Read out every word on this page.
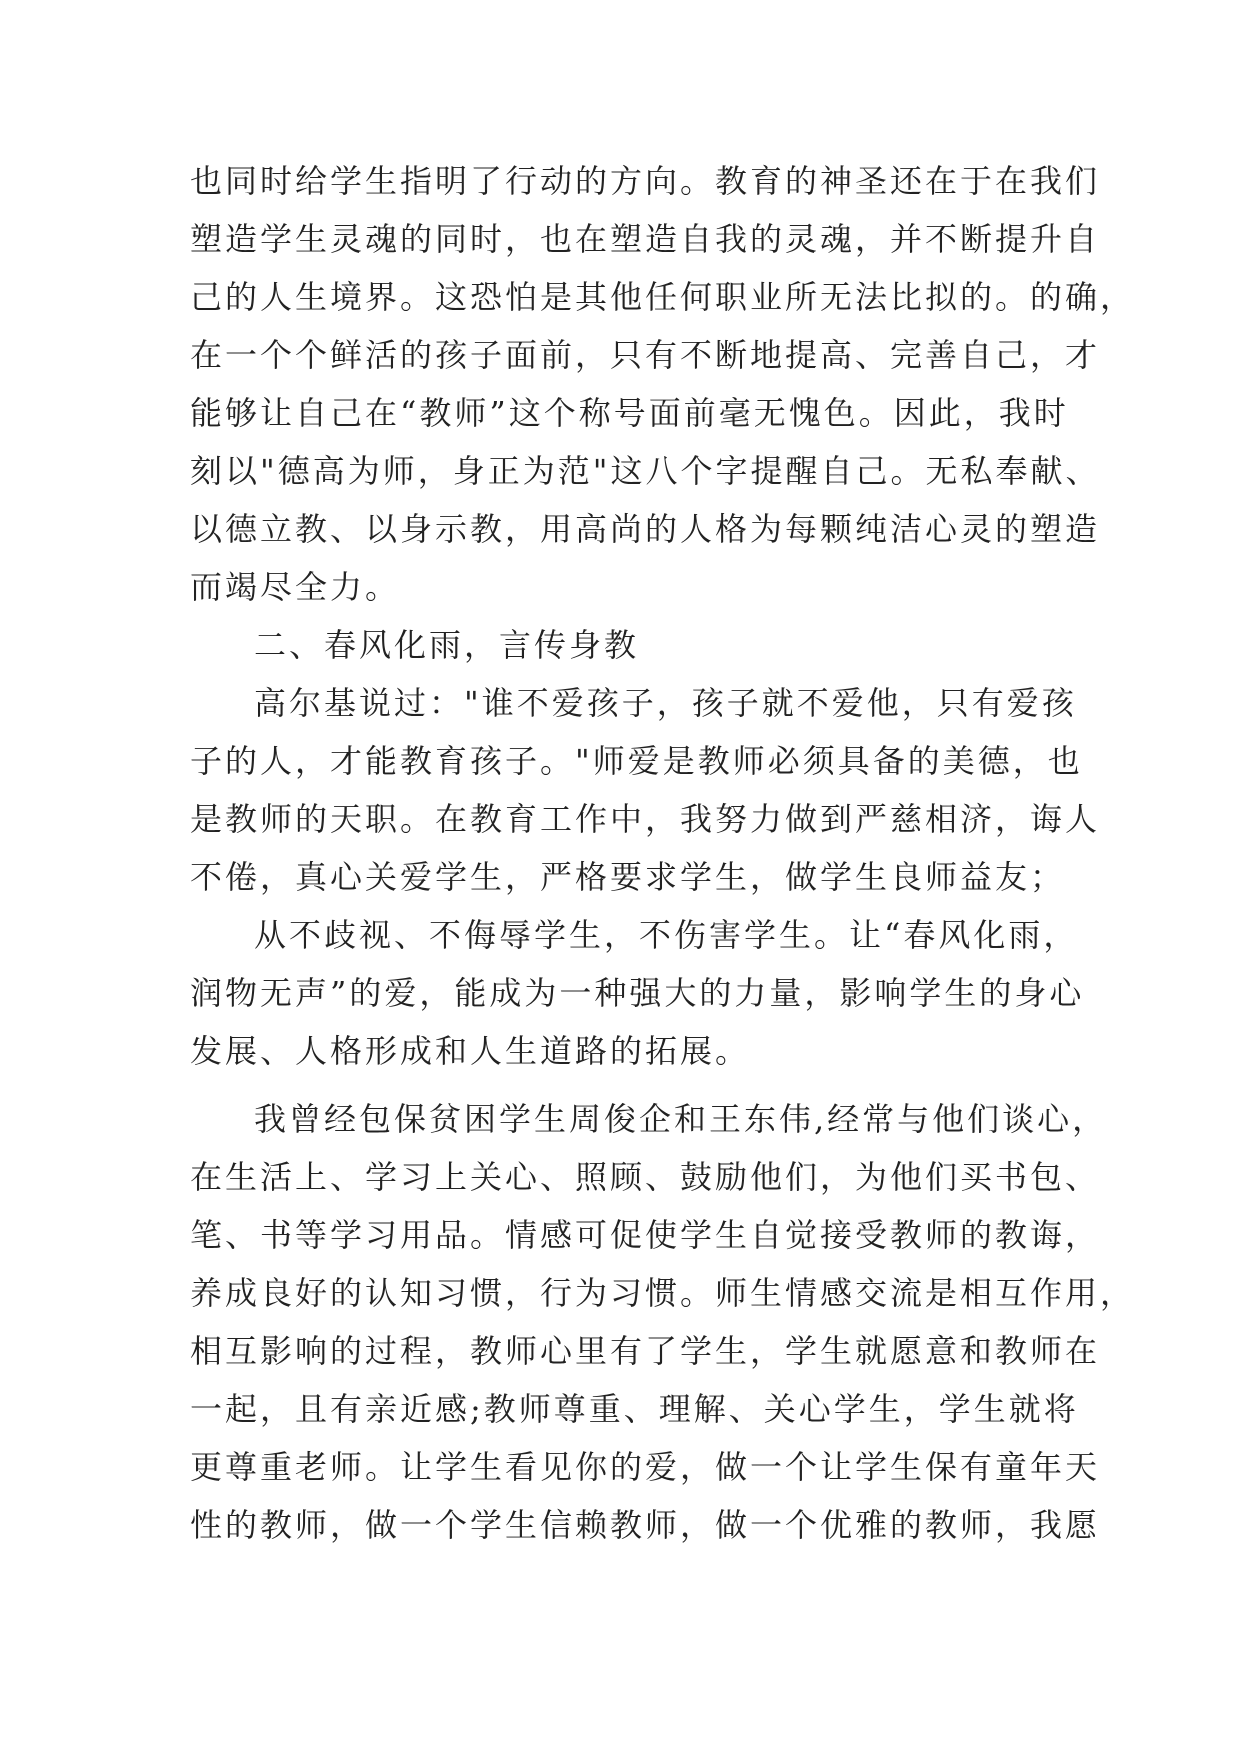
也同时给学生指明了行动的方向。教育的神圣还在于在我们
塑造学生灵魂的同时，也在塑造自我的灵魂，并不断提升自
己的人生境界。这恐怕是其他任何职业所无法比拟的。的确，
在一个个鲜活的孩子面前，只有不断地提高、完善自己，才
能够让自己在“教师”这个称号面前毫无愧色。因此，我时
刻以"德高为师，身正为范"这八个字提醒自己。无私奉献、
以德立教、以身示教，用高尚的人格为每颗纯洁心灵的塑造
而竭尽全力。
二、春风化雨，言传身教
高尔基说过："谁不爱孩子，孩子就不爱他，只有爱孩
子的人，才能教育孩子。"师爱是教师必须具备的美德，也
是教师的天职。在教育工作中，我努力做到严慈相济，诲人
不倦，真心关爱学生，严格要求学生，做学生良师益友；
从不歧视、不侮辱学生，不伤害学生。让“春风化雨，
润物无声”的爱，能成为一种强大的力量，影响学生的身心
发展、人格形成和人生道路的拓展。
我曾经包保贫困学生周俊企和王东伟,经常与他们谈心，
在生活上、学习上关心、照顾、鼓励他们，为他们买书包、
笔、书等学习用品。情感可促使学生自觉接受教师的教诲，
养成良好的认知习惯，行为习惯。师生情感交流是相互作用，
相互影响的过程，教师心里有了学生，学生就愿意和教师在
一起，且有亲近感;教师尊重、理解、关心学生，学生就将
更尊重老师。让学生看见你的爱，做一个让学生保有童年天
性的教师，做一个学生信赖教师，做一个优雅的教师，我愿
